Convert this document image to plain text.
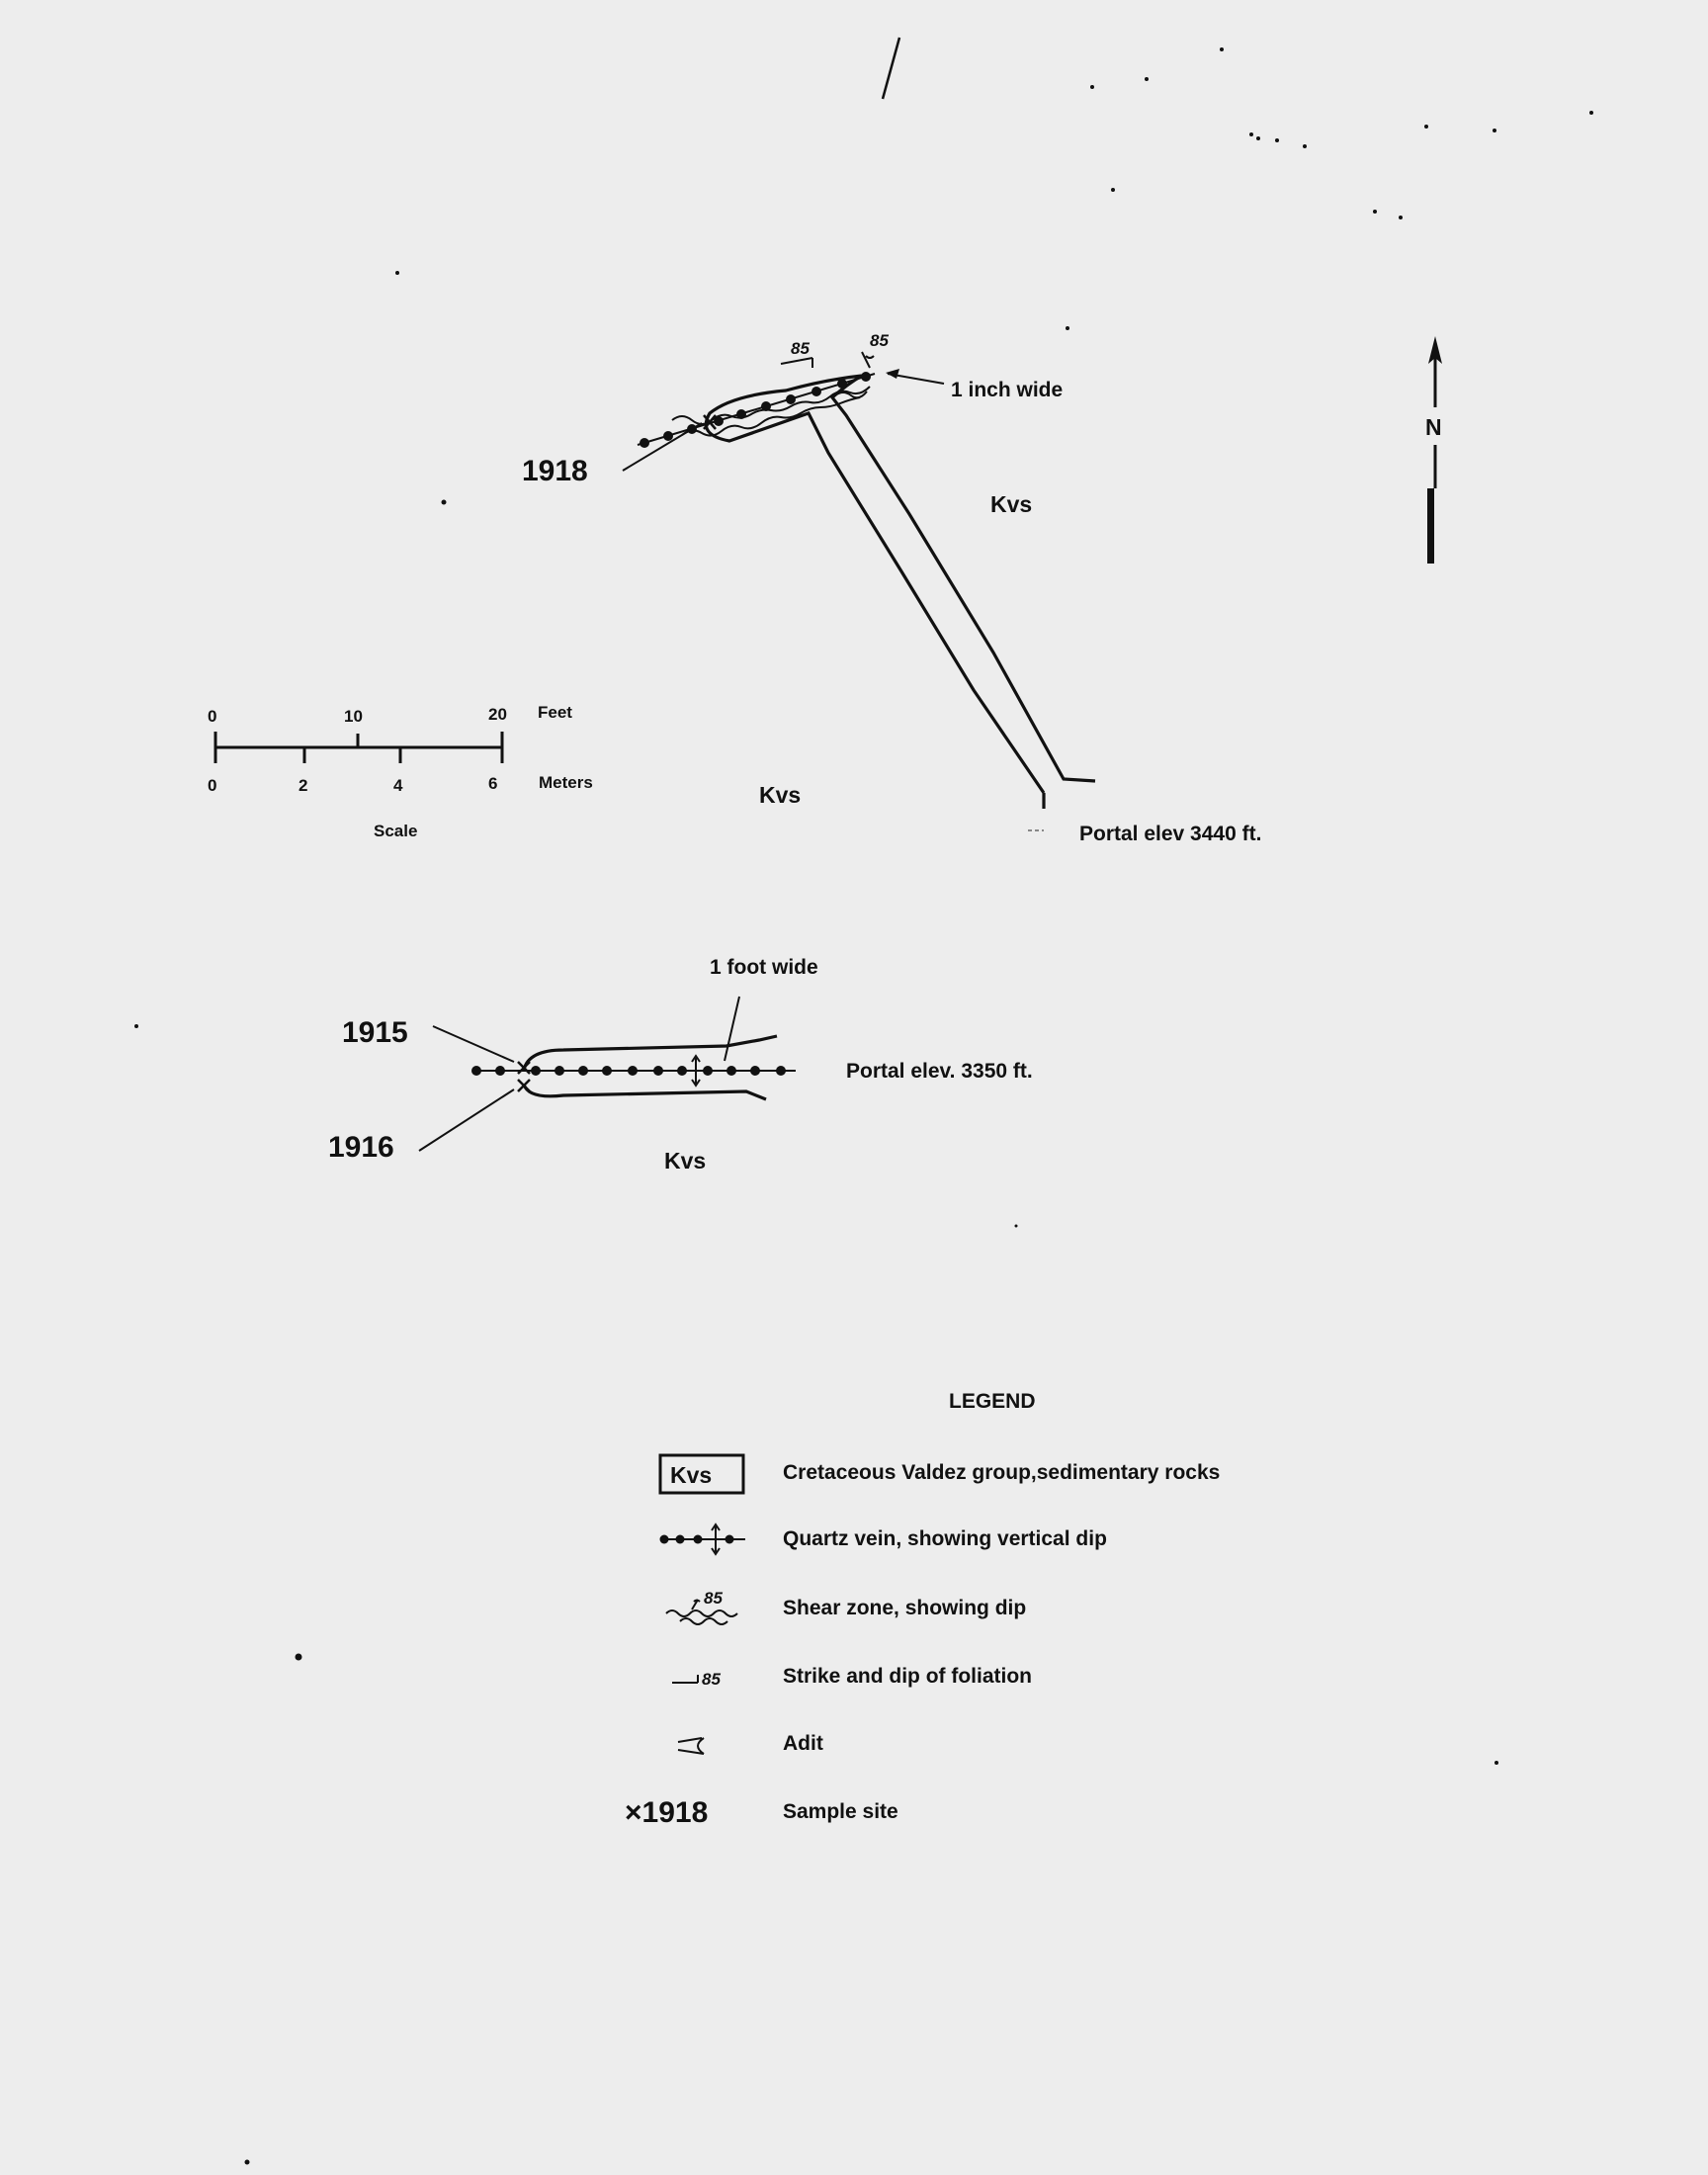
1918
1 inch wide
85	85
Kvs
Kvs
Portal elev 3440 ft.
N
0	10	20 Feet
0	2	4	6 Meters
Scale
1 foot wide
1915
1916
Portal elev. 3350 ft.
Kvs
LEGEND
Kvs	Cretaceous Valdez group,sedimentary rocks
Quartz vein, showing vertical dip
85	Shear zone, showing dip
85	Strike and dip of foliation
Adit
×1918	Sample site
